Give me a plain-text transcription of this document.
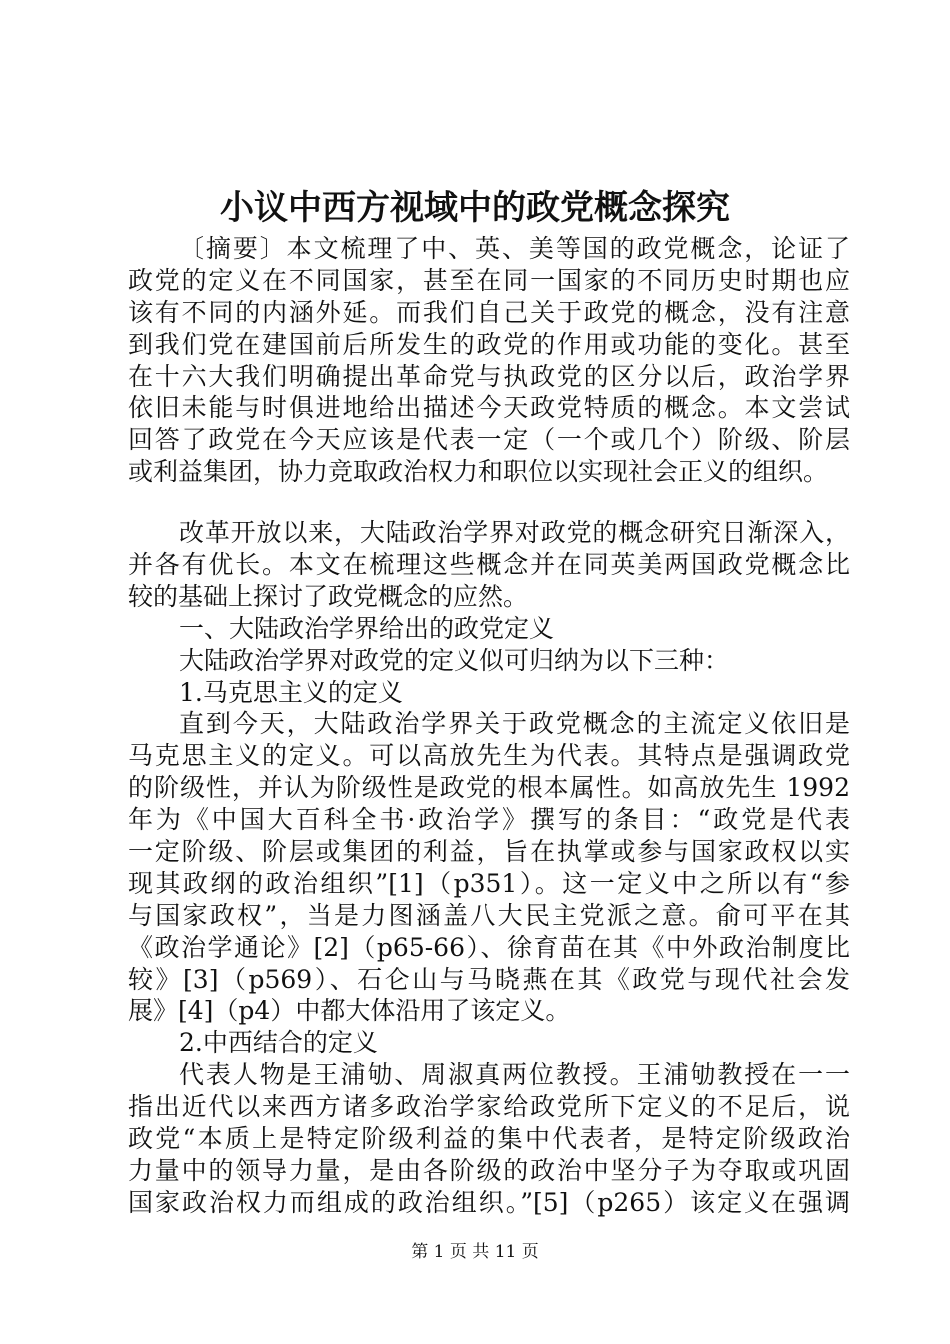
小议中西方视域中的政党概念探究
〔摘要〕本文梳理了中、英、美等国的政党概念，论证了
政党的定义在不同国家，甚至在同一国家的不同历史时期也应
该有不同的内涵外延。而我们自己关于政党的概念，没有注意
到我们党在建国前后所发生的政党的作用或功能的变化。甚至
在十六大我们明确提出革命党与执政党的区分以后，政治学界
依旧未能与时俱进地给出描述今天政党特质的概念。本文尝试
回答了政党在今天应该是代表一定（一个或几个）阶级、阶层
或利益集团，协力竞取政治权力和职位以实现社会正义的组织。
改革开放以来，大陆政治学界对政党的概念研究日渐深入，
并各有优长。本文在梳理这些概念并在同英美两国政党概念比
较的基础上探讨了政党概念的应然。
一、大陆政治学界给出的政党定义
大陆政治学界对政党的定义似可归纳为以下三种：
1.马克思主义的定义
直到今天，大陆政治学界关于政党概念的主流定义依旧是
马克思主义的定义。可以高放先生为代表。其特点是强调政党
的阶级性，并认为阶级性是政党的根本属性。如高放先生 1992
年为《中国大百科全书·政治学》撰写的条目：“政党是代表
一定阶级、阶层或集团的利益，旨在执掌或参与国家政权以实
现其政纲的政治组织”[1]（p351）。这一定义中之所以有“参
与国家政权”，当是力图涵盖八大民主党派之意。俞可平在其
《政治学通论》[2]（p65-66）、徐育苗在其《中外政治制度比
较》[3]（p569）、石仑山与马晓燕在其《政党与现代社会发
展》[4]（p4）中都大体沿用了该定义。
2.中西结合的定义
代表人物是王浦劬、周淑真两位教授。王浦劬教授在一一
指出近代以来西方诸多政治学家给政党所下定义的不足后，说
政党“本质上是特定阶级利益的集中代表者，是特定阶级政治
力量中的领导力量，是由各阶级的政治中坚分子为夺取或巩固
国家政治权力而组成的政治组织。”[5]（p265）该定义在强调
第 1 页 共 11 页
